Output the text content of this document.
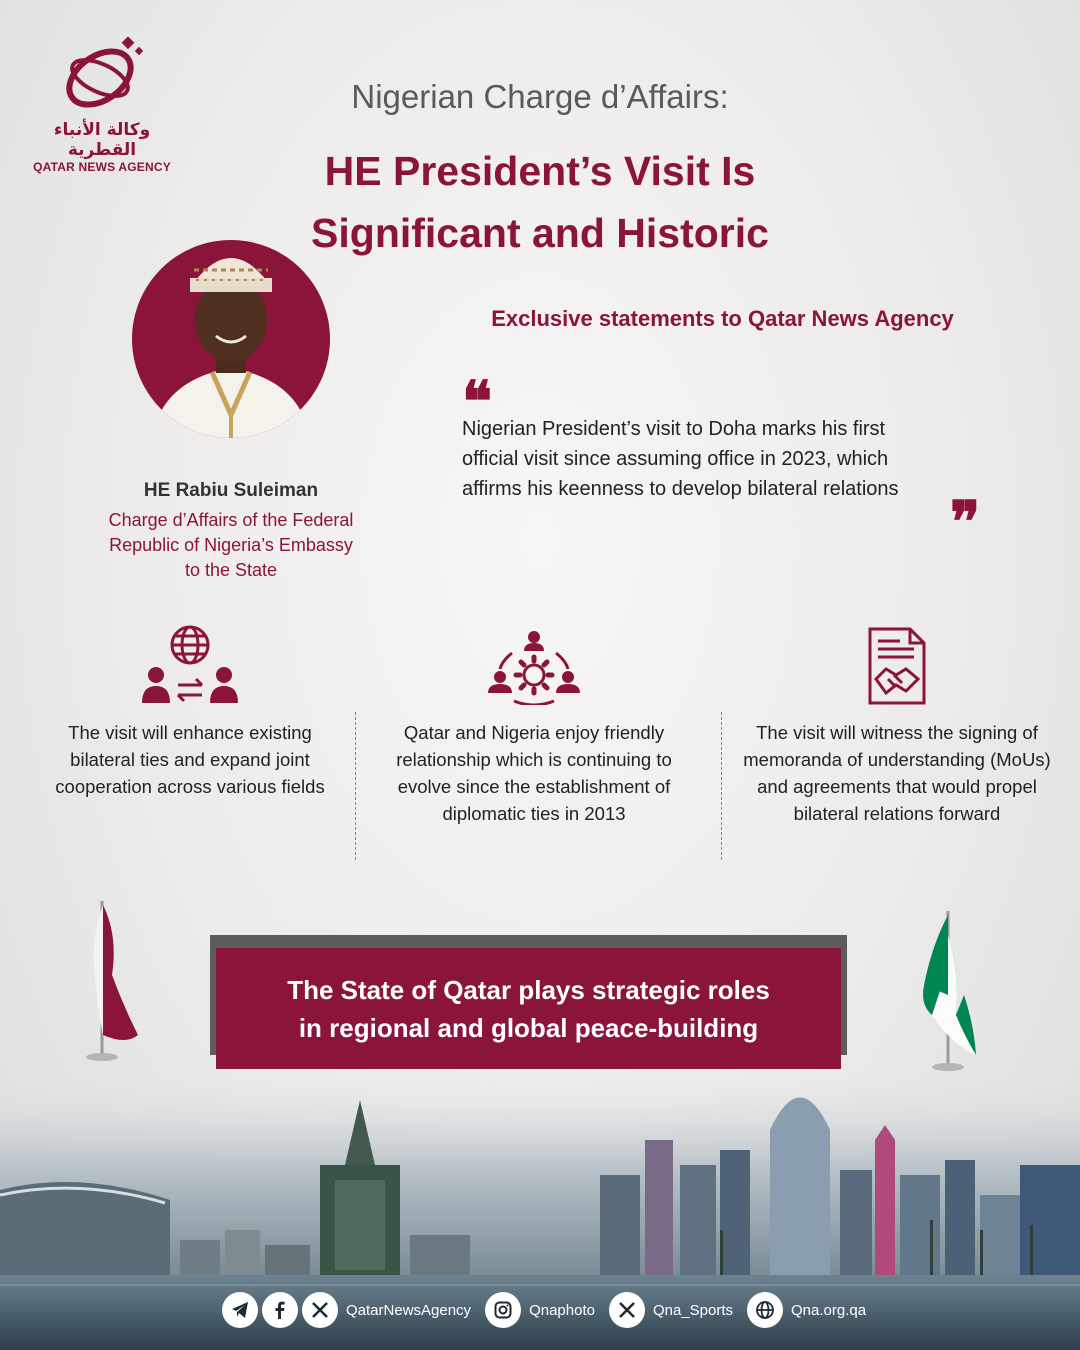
وكالة الأنباء القطرية
QATAR NEWS AGENCY
Nigerian Charge d’Affairs:
HE President’s Visit Is
Significant and Historic
HE Rabiu Suleiman
Charge d’Affairs of the Federal
Republic of Nigeria’s Embassy
to the State
Exclusive statements to Qatar News Agency
❝
Nigerian President’s visit to Doha marks his first
official visit since assuming office in 2023, which
affirms his keenness to develop bilateral relations ❞

The visit will enhance existing bilateral ties and expand joint cooperation across various fields

Qatar and Nigeria enjoy friendly relationship which is continuing to evolve since the establishment of diplomatic ties in 2013

The visit will witness the signing of memoranda of understanding (MoUs) and agreements that would propel bilateral relations forward

The State of Qatar plays strategic roles
in regional and global peace-building
QatarNewsAgency	Qnaphoto	Qna_Sports	Qna.org.qa
